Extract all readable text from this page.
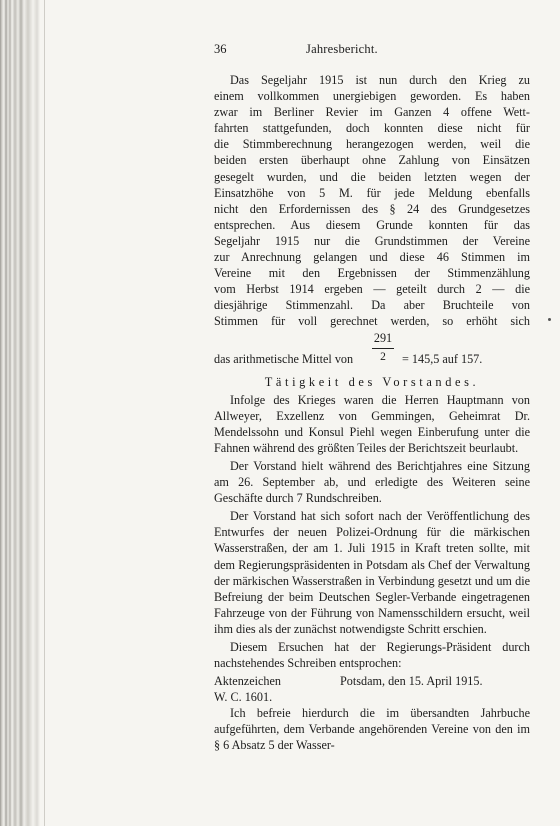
36	Jahresbericht.

Das Segeljahr 1915 ist nun durch den Krieg zu
einem vollkommen unergiebigen geworden. Es haben
zwar im Berliner Revier im Ganzen 4 offene Wett-
fahrten stattgefunden, doch konnten diese nicht für
die Stimmberechnung herangezogen werden, weil die
beiden ersten überhaupt ohne Zahlung von Einsätzen
gesegelt wurden, und die beiden letzten wegen der
Einsatzhöhe von 5 M. für jede Meldung ebenfalls
nicht den Erfordernissen des § 24 des Grundgesetzes
entsprechen. Aus diesem Grunde konnten für das
Segeljahr 1915 nur die Grundstimmen der Vereine
zur Anrechnung gelangen und diese 46 Stimmen im
Vereine mit den Ergebnissen der Stimmenzählung
vom Herbst 1914 ergeben — geteilt durch 2 — die
diesjährige Stimmenzahl. Da aber Bruchteile von
Stimmen für voll gerechnet werden, so erhöht sich

das arithmetische Mittel von
291
2	= 145,5 auf 157.
Tätigkeit des Vorstandes.

Infolge des Krieges waren die Herren Hauptmann von Allweyer, Exzellenz von Gemmingen, Geheimrat Dr. Mendelssohn und Konsul Piehl wegen Einberufung unter die Fahnen während des größten Teiles der Berichtszeit beurlaubt.

Der Vorstand hielt während des Berichtjahres eine Sitzung am 26. September ab, und erledigte des Weiteren seine Geschäfte durch 7 Rundschreiben.

Der Vorstand hat sich sofort nach der Veröffentlichung des Entwurfes der neuen Polizei-Ordnung für die märkischen Wasserstraßen, der am 1. Juli 1915 in Kraft treten sollte, mit dem Regierungspräsidenten in Potsdam als Chef der Verwaltung der märkischen Wasserstraßen in Verbindung gesetzt und um die Befreiung der beim Deutschen Segler-Verbande eingetragenen Fahrzeuge von der Führung von Namensschildern ersucht, weil ihm dies als der zunächst notwendigste Schritt erschien.

Diesem Ersuchen hat der Regierungs-Präsident durch nachstehendes Schreiben entsprochen:

Aktenzeichen	Potsdam, den 15. April 1915.
W. C. 1601.

Ich befreie hierdurch die im übersandten Jahrbuche aufgeführten, dem Verbande angehörenden Vereine von den im § 6 Absatz 5 der Wasser-
